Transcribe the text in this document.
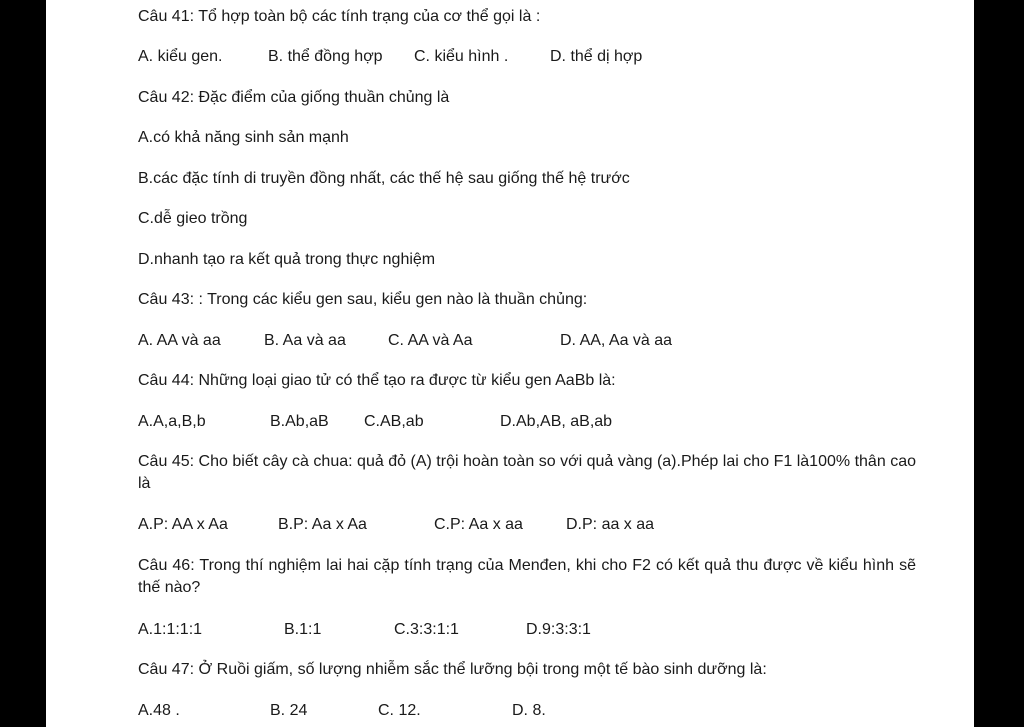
Câu 41: Tổ hợp toàn bộ các tính trạng của cơ thể gọi là :
A. kiểu gen.	B. thể đồng hợp C. kiểu hình .	D. thể dị hợp
Câu 42: Đặc điểm của giống thuần chủng là
A.có khả năng sinh sản mạnh
B.các đặc tính di truyền đồng nhất, các thế hệ sau giống thế hệ trước
C.dễ gieo trồng
D.nhanh tạo ra kết quả trong thực nghiệm
Câu 43: : Trong các kiểu gen sau, kiểu gen nào là thuần chủng:
A. AA và aa	B. Aa và aa	C. AA và Aa	D. AA, Aa và aa
Câu 44: Những loại giao tử có thể tạo ra được từ kiểu gen AaBb là:
A.A,a,B,b	B.Ab,aB C.AB,ab	D.Ab,AB, aB,ab
Câu 45: Cho biết cây cà chua: quả đỏ (A) trội hoàn toàn so với quả vàng (a).Phép lai cho F1 là100% thân cao là
A.P: AA x Aa	B.P: Aa x Aa	C.P: Aa x aa	D.P: aa x aa
Câu 46: Trong thí nghiệm lai hai cặp tính trạng của Menđen, khi cho F2 có kết quả thu được về kiểu hình sẽ thế nào?
A.1:1:1:1	B.1:1	C.3:3:1:1	D.9:3:3:1
Câu 47: Ở Ruồi giấm, số lượng nhiễm sắc thể lưỡng bội trong một tế bào sinh dưỡng là:
A.48 .	B. 24	C. 12.	D. 8.
